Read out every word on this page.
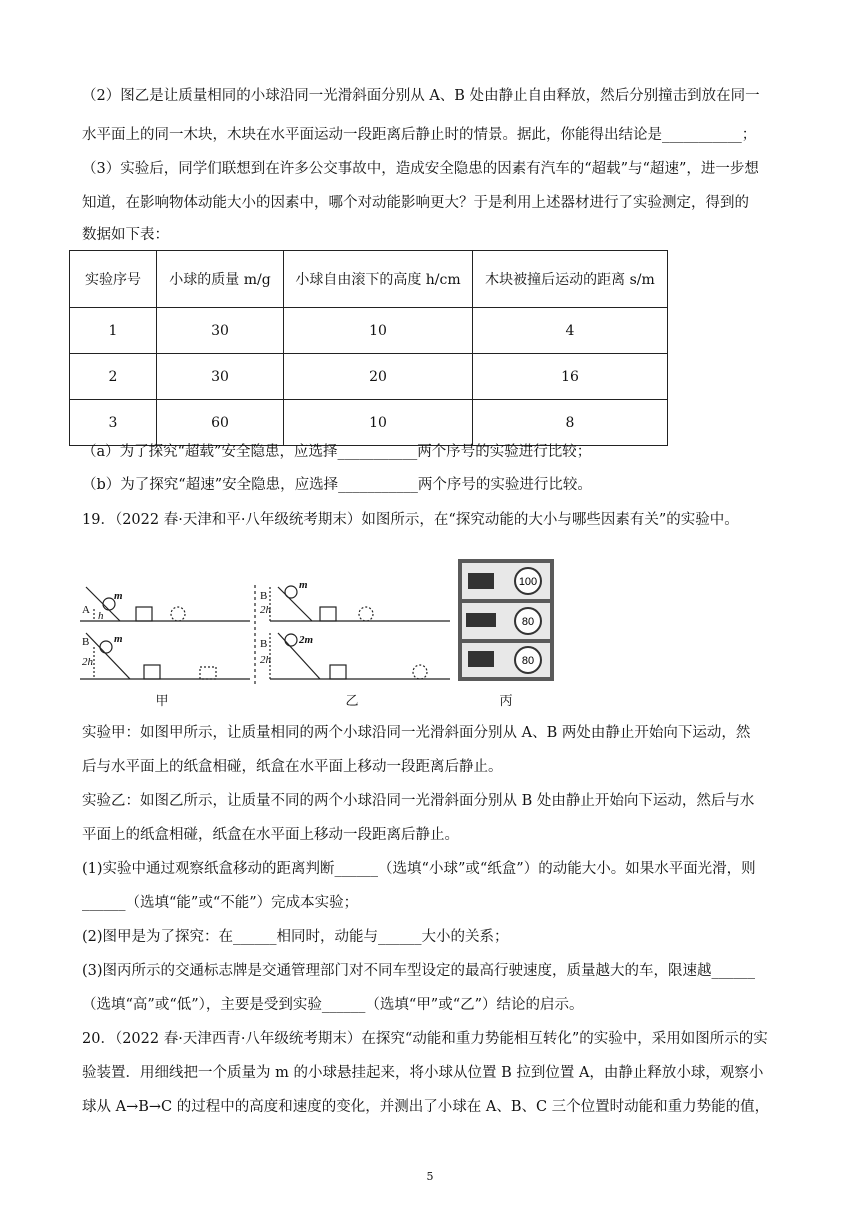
（2）图乙是让质量相同的小球沿同一光滑斜面分别从 A、B 处由静止自由释放，然后分别撞击到放在同一
水平面上的同一木块，木块在水平面运动一段距离后静止时的情景。据此，你能得出结论是___________；
（3）实验后，同学们联想到在许多公交事故中，造成安全隐患的因素有汽车的“超载”与“超速”，进一步想
知道，在影响物体动能大小的因素中，哪个对动能影响更大？于是利用上述器材进行了实验测定，得到的
数据如下表：
实验序号	小球的质量 m/g	小球自由滚下的高度 h/cm	木块被撞后运动的距离 s/m
1	30	10	4
2	30	20	16
3	60	10	8
（a）为了探究“超载”安全隐患，应选择___________两个序号的实验进行比较；
（b）为了探究“超速”安全隐患，应选择___________两个序号的实验进行比较。
19．（2022 春·天津和平·八年级统考期末）如图所示，在“探究动能的大小与哪些因素有关”的实验中。
m
A h
m
B
2h
m
B
2h
2m
B
2h
100
80
80
甲	乙	丙
实验甲：如图甲所示，让质量相同的两个小球沿同一光滑斜面分别从 A、B 两处由静止开始向下运动，然
后与水平面上的纸盒相碰，纸盒在水平面上移动一段距离后静止。
实验乙：如图乙所示，让质量不同的两个小球沿同一光滑斜面分别从 B 处由静止开始向下运动，然后与水
平面上的纸盒相碰，纸盒在水平面上移动一段距离后静止。
(1)实验中通过观察纸盒移动的距离判断______（选填“小球”或“纸盒”）的动能大小。如果水平面光滑，则
______（选填“能”或“不能”）完成本实验；
(2)图甲是为了探究：在______相同时，动能与______大小的关系；
(3)图丙所示的交通标志牌是交通管理部门对不同车型设定的最高行驶速度，质量越大的车，限速越______
（选填“高”或“低”），主要是受到实验______（选填“甲”或“乙”）结论的启示。
20．（2022 春·天津西青·八年级统考期末）在探究“动能和重力势能相互转化”的实验中，采用如图所示的实
验装置．用细线把一个质量为 m 的小球悬挂起来，将小球从位置 B 拉到位置 A，由静止释放小球，观察小
球从 A→B→C 的过程中的高度和速度的变化，并测出了小球在 A、B、C 三个位置时动能和重力势能的值，
5
